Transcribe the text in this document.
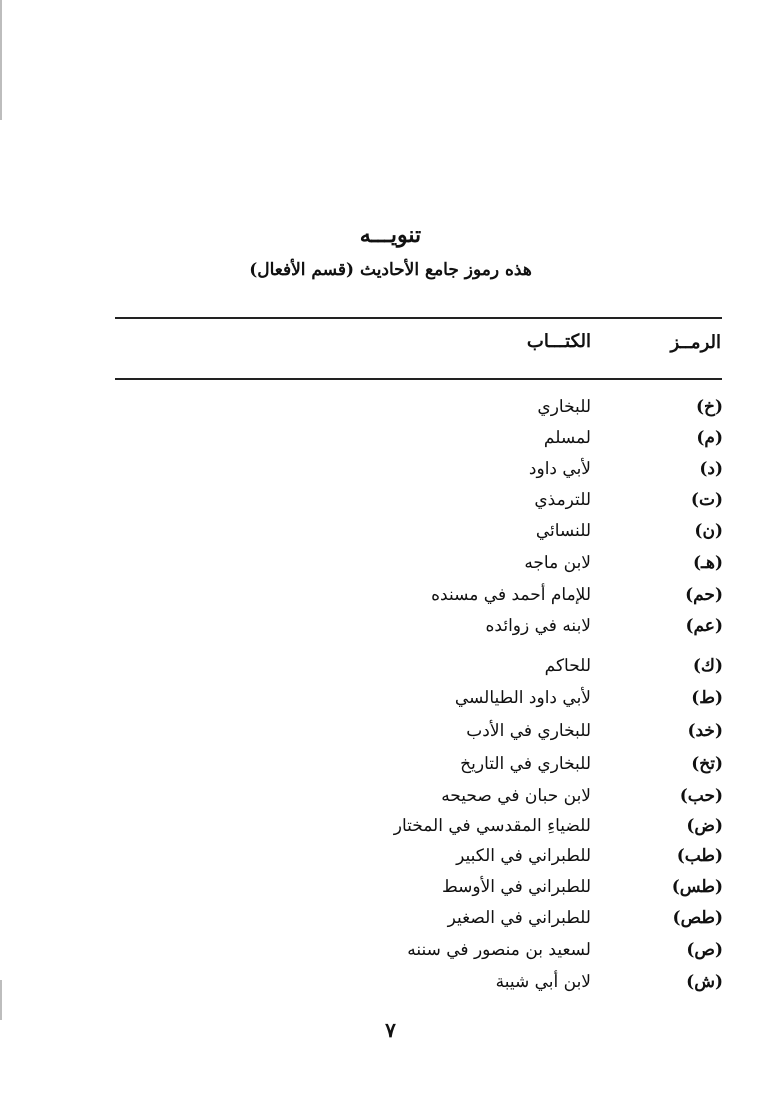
تنويـــه
هذه رموز جامع الأحاديث (قسم الأفعال)
الرمــز
الكتـــاب
(خ)
للبخاري
(م)
لمسلم
(د)
لأبي داود
(ت)
للترمذي
(ن)
للنسائي
(هـ)
لابن ماجه
(حم)
للإمام أحمد في مسنده
(عم)
لابنه في زوائده
(ك)
للحاكم
(ط)
لأبي داود الطيالسي
(خد)
للبخاري في الأدب
(تخ)
للبخاري في التاريخ
(حب)
لابن حبان في صحيحه
(ض)
للضياءِ المقدسي في المختار
(طب)
للطبراني في الكبير
(طس)
للطبراني في الأوسط
(طص)
للطبراني في الصغير
(ص)
لسعيد بن منصور في سننه
(ش)
لابن أبي شيبة
٧
